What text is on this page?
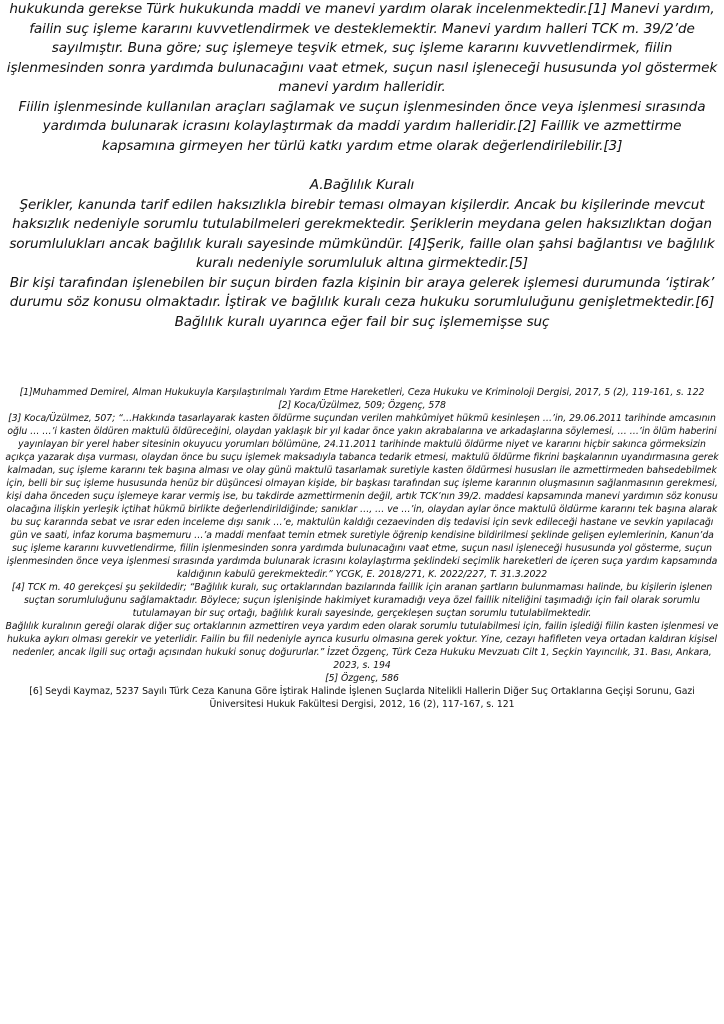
hukukunda gerekse Türk hukukunda maddi ve manevi yardım olarak incelenmektedir.[1] Manevi yardım, failin suç işleme kararını kuvvetlendirmek ve desteklemektir. Manevi yardım halleri TCK m. 39/2’de sayılmıştır. Buna göre; suç işlemeye teşvik etmek, suç işleme kararını kuvvetlendirmek, fiilin işlenmesinden sonra yardımda bulunacağını vaat etmek, suçun nasıl işleneceği hususunda yol göstermek manevi yardım halleridir.

Fiilin işlenmesinde kullanılan araçları sağlamak ve suçun işlenmesinden önce veya işlenmesi sırasında yardımda bulunarak icrasını kolaylaştırmak da maddi yardım halleridir.[2] Faillik ve azmettirme kapsamına girmeyen her türlü katkı yardım etme olarak değerlendirilebilir.[3]

A.Bağlılık Kuralı

Şerikler, kanunda tarif edilen haksızlıkla birebir teması olmayan kişilerdir. Ancak bu kişilerinde mevcut haksızlık nedeniyle sorumlu tutulabilmeleri gerekmektedir. Şeriklerin meydana gelen haksızlıktan doğan sorumlulukları ancak bağlılık kuralı sayesinde mümkündür. [4]Şerik, faille olan şahsi bağlantısı ve bağlılık kuralı nedeniyle sorumluluk altına girmektedir.[5]

Bir kişi tarafından işlenebilen bir suçun birden fazla kişinin bir araya gelerek işlemesi durumunda ‘iştirak’ durumu söz konusu olmaktadır. İştirak ve bağlılık kuralı ceza hukuku sorumluluğunu genişletmektedir.[6] Bağlılık kuralı uyarınca eğer fail bir suç işlememişse suç

[1]Muhammed Demirel, Alman Hukukuyla Karşılaştırılmalı Yardım Etme Hareketleri, Ceza Hukuku ve Kriminoloji Dergisi, 2017, 5 (2), 119-161, s. 122

[2] Koca/Üzülmez, 509; Özgenç, 578

[3] Koca/Üzülmez, 507; “…Hakkında tasarlayarak kasten öldürme suçundan verilen mahkûmiyet hükmü kesinleşen …’in, 29.06.2011 tarihinde amcasının oğlu … …’i kasten öldüren maktulü öldüreceğini, olaydan yaklaşık bir yıl kadar önce yakın akrabalarına ve arkadaşlarına söylemesi, … …’in ölüm haberini yayınlayan bir yerel haber sitesinin okuyucu yorumları bölümüne, 24.11.2011 tarihinde maktulü öldürme niyet ve kararını hiçbir sakınca görmeksizin açıkça yazarak dışa vurması, olaydan önce bu suçu işlemek maksadıyla tabanca tedarik etmesi, maktulü öldürme fikrini başkalarının uyandırmasına gerek kalmadan, suç işleme kararını tek başına alması ve olay günü maktulü tasarlamak suretiyle kasten öldürmesi hususları ile azmettirmeden bahsedebilmek için, belli bir suç işleme hususunda henüz bir düşüncesi olmayan kişide, bir başkası tarafından suç işleme kararının oluşmasının sağlanmasının gerekmesi, kişi daha önceden suçu işlemeye karar vermiş ise, bu takdirde azmettirmenin değil, artık TCK’nın 39/2. maddesi kapsamında manevi yardımın söz konusu olacağına ilişkin yerleşik içtihat hükmü birlikte değerlendirildiğinde; sanıklar …, … ve …’in, olaydan aylar önce maktulü öldürme kararını tek başına alarak bu suç kararında sebat ve ısrar eden inceleme dışı sanık …’e, maktulün kaldığı cezaevinden diş tedavisi için sevk edileceği hastane ve sevkin yapılacağı gün ve saati, infaz koruma başmemuru …’a maddi menfaat temin etmek suretiyle öğrenip kendisine bildirilmesi şeklinde gelişen eylemlerinin, Kanun’da suç işleme kararını kuvvetlendirme, fiilin işlenmesinden sonra yardımda bulunacağını vaat etme, suçun nasıl işleneceği hususunda yol gösterme, suçun işlenmesinden önce veya işlenmesi sırasında yardımda bulunarak icrasını kolaylaştırma şeklindeki seçimlik hareketleri de içeren suça yardım kapsamında kaldığının kabulü gerekmektedir.” YCGK, E. 2018/271, K. 2022/227, T. 31.3.2022

[4] TCK m. 40 gerekçesi şu şekildedir; “Bağlılık kuralı, suç ortaklarından bazılarında faillik için aranan şartların bulunmaması halinde, bu kişilerin işlenen suçtan sorumluluğunu sağlamaktadır. Böylece; suçun işlenişinde hakimiyet kuramadığı veya özel faillik niteliğini taşımadığı için fail olarak sorumlu tutulamayan bir suç ortağı, bağlılık kuralı sayesinde, gerçekleşen suçtan sorumlu tutulabilmektedir.

Bağlılık kuralının gereği olarak diğer suç ortaklarının azmettiren veya yardım eden olarak sorumlu tutulabilmesi için, failin işlediği fiilin kasten işlenmesi ve hukuka aykırı olması gerekir ve yeterlidir. Failin bu fiil nedeniyle ayrıca kusurlu olmasına gerek yoktur. Yine, cezayı hafifleten veya ortadan kaldıran kişisel nedenler, ancak ilgili suç ortağı açısından hukuki sonuç doğururlar.” İzzet Özgenç, Türk Ceza Hukuku Mevzuatı Cilt 1, Seçkin Yayıncılık, 31. Bası, Ankara, 2023, s. 194

[5] Özgenç, 586

[6] Seydi Kaymaz, 5237 Sayılı Türk Ceza Kanuna Göre İştirak Halinde İşlenen Suçlarda Nitelikli Hallerin Diğer Suç Ortaklarına Geçişi Sorunu, Gazi Üniversitesi Hukuk Fakültesi Dergisi, 2012, 16 (2), 117-167, s. 121
